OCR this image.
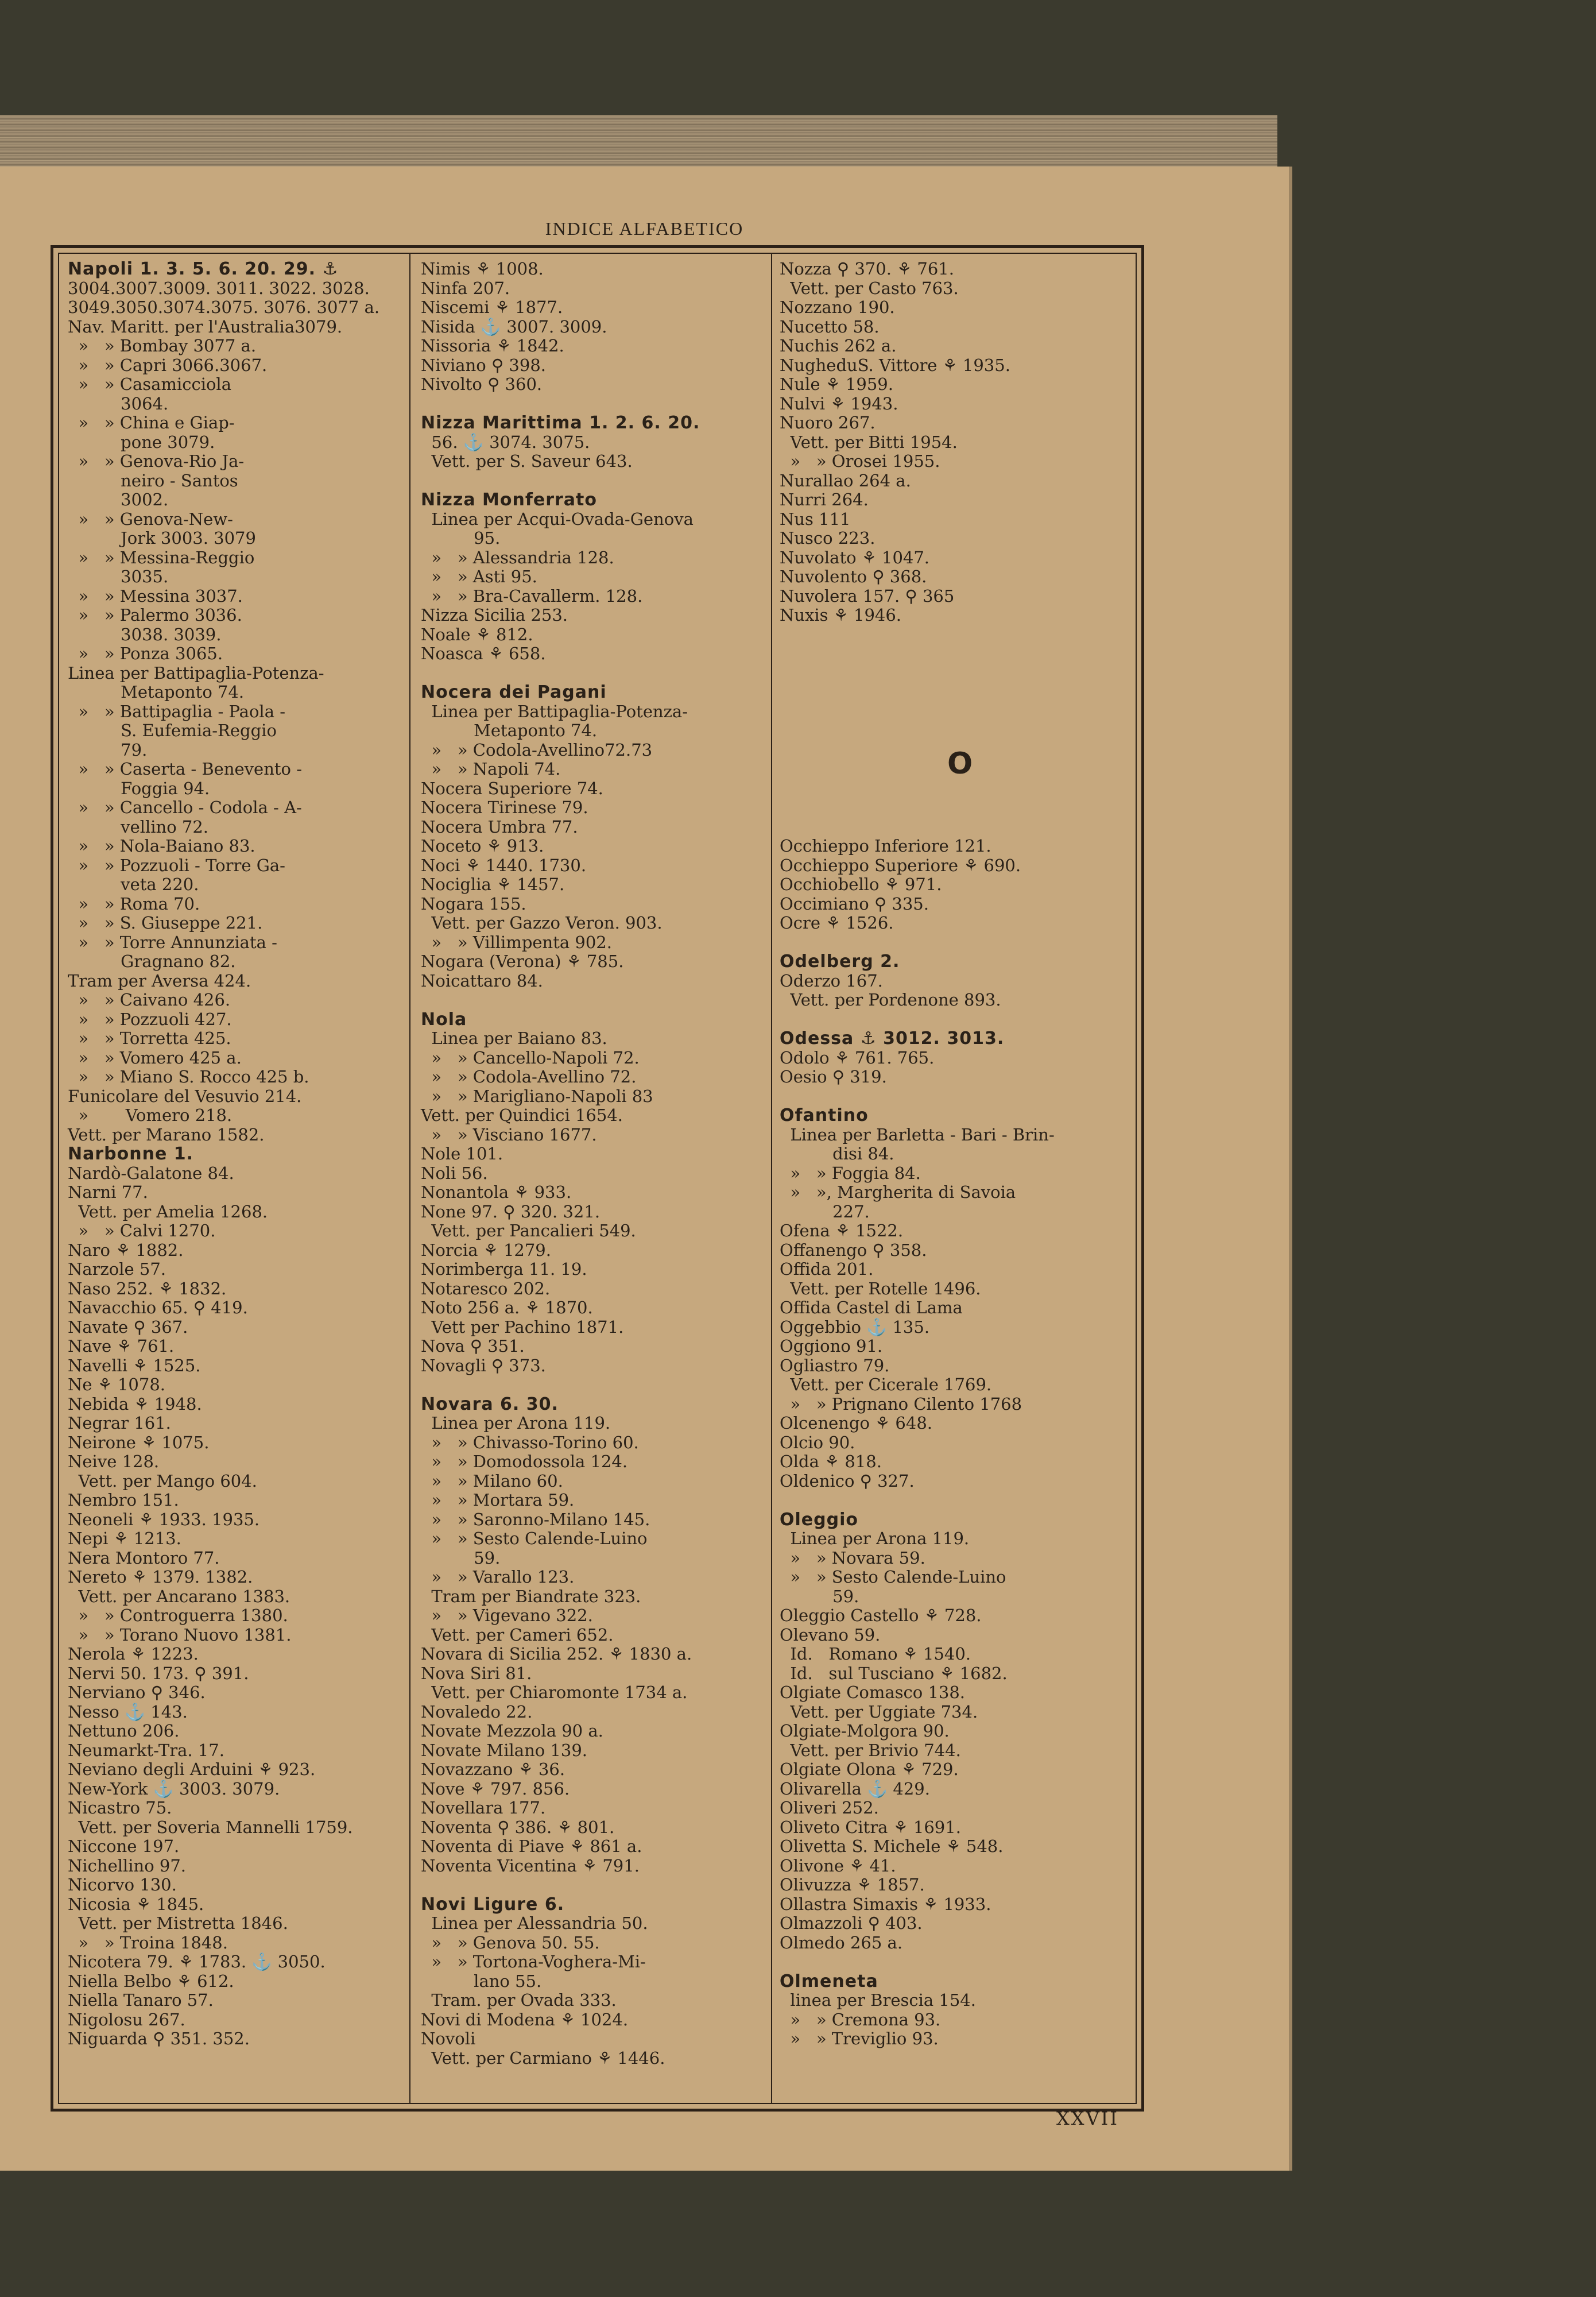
INDICE ALFABETICO
Napoli 1. 3. 5. 6. 20. 29. ⚓
3004.3007.3009. 3011. 3022. 3028.
3049.3050.3074.3075. 3076. 3077 a.
Nav. Maritt. per l'Australia3079.
»   » Bombay 3077 a.
»   » Capri 3066.3067.
»   » Casamicciola
3064.
»   » China e Giap-
pone 3079.
»   » Genova-Rio Ja-
neiro - Santos
3002.
»   » Genova-New-
Jork 3003. 3079
»   » Messina-Reggio
3035.
»   » Messina 3037.
»   » Palermo 3036.
3038. 3039.
»   » Ponza 3065.
Linea per Battipaglia-Potenza-
Metaponto 74.
»   » Battipaglia - Paola -
S. Eufemia-Reggio
79.
»   » Caserta - Benevento -
Foggia 94.
»   » Cancello - Codola - A-
vellino 72.
»   » Nola-Baiano 83.
»   » Pozzuoli - Torre Ga-
veta 220.
»   » Roma 70.
»   » S. Giuseppe 221.
»   » Torre Annunziata -
Gragnano 82.
Tram per Aversa 424.
»   » Caivano 426.
»   » Pozzuoli 427.
»   » Torretta 425.
»   » Vomero 425 a.
»   » Miano S. Rocco 425 b.
Funicolare del Vesuvio 214.
»       Vomero 218.
Vett. per Marano 1582.
Narbonne 1.
Nardò-Galatone 84.
Narni 77.
Vett. per Amelia 1268.
»   » Calvi 1270.
Naro ⚘ 1882.
Narzole 57.
Naso 252. ⚘ 1832.
Navacchio 65. ⚲ 419.
Navate ⚲ 367.
Nave ⚘ 761.
Navelli ⚘ 1525.
Ne ⚘ 1078.
Nebida ⚘ 1948.
Negrar 161.
Neirone ⚘ 1075.
Neive 128.
Vett. per Mango 604.
Nembro 151.
Neoneli ⚘ 1933. 1935.
Nepi ⚘ 1213.
Nera Montoro 77.
Nereto ⚘ 1379. 1382.
Vett. per Ancarano 1383.
»   » Controguerra 1380.
»   » Torano Nuovo 1381.
Nerola ⚘ 1223.
Nervi 50. 173. ⚲ 391.
Nerviano ⚲ 346.
Nesso ⚓ 143.
Nettuno 206.
Neumarkt-Tra. 17.
Neviano degli Arduini ⚘ 923.
New-York ⚓ 3003. 3079.
Nicastro 75.
Vett. per Soveria Mannelli 1759.
Niccone 197.
Nichellino 97.
Nicorvo 130.
Nicosia ⚘ 1845.
Vett. per Mistretta 1846.
»   » Troina 1848.
Nicotera 79. ⚘ 1783. ⚓ 3050.
Niella Belbo ⚘ 612.
Niella Tanaro 57.
Nigolosu 267.
Niguarda ⚲ 351. 352.
Nimis ⚘ 1008.
Ninfa 207.
Niscemi ⚘ 1877.
Nisida ⚓ 3007. 3009.
Nissoria ⚘ 1842.
Niviano ⚲ 398.
Nivolto ⚲ 360.

Nizza Marittima 1. 2. 6. 20.
56. ⚓ 3074. 3075.
Vett. per S. Saveur 643.

Nizza Monferrato
Linea per Acqui-Ovada-Genova
95.
»   » Alessandria 128.
»   » Asti 95.
»   » Bra-Cavallerm. 128.
Nizza Sicilia 253.
Noale ⚘ 812.
Noasca ⚘ 658.

Nocera dei Pagani
Linea per Battipaglia-Potenza-
Metaponto 74.
»   » Codola-Avellino72.73
»   » Napoli 74.
Nocera Superiore 74.
Nocera Tirinese 79.
Nocera Umbra 77.
Noceto ⚘ 913.
Noci ⚘ 1440. 1730.
Nociglia ⚘ 1457.
Nogara 155.
Vett. per Gazzo Veron. 903.
»   » Villimpenta 902.
Nogara (Verona) ⚘ 785.
Noicattaro 84.

Nola
Linea per Baiano 83.
»   » Cancello-Napoli 72.
»   » Codola-Avellino 72.
»   » Marigliano-Napoli 83
Vett. per Quindici 1654.
»   » Visciano 1677.
Nole 101.
Noli 56.
Nonantola ⚘ 933.
None 97. ⚲ 320. 321.
Vett. per Pancalieri 549.
Norcia ⚘ 1279.
Norimberga 11. 19.
Notaresco 202.
Noto 256 a. ⚘ 1870.
Vett per Pachino 1871.
Nova ⚲ 351.
Novagli ⚲ 373.

Novara 6. 30.
Linea per Arona 119.
»   » Chivasso-Torino 60.
»   » Domodossola 124.
»   » Milano 60.
»   » Mortara 59.
»   » Saronno-Milano 145.
»   » Sesto Calende-Luino
59.
»   » Varallo 123.
Tram per Biandrate 323.
»   » Vigevano 322.
Vett. per Cameri 652.
Novara di Sicilia 252. ⚘ 1830 a.
Nova Siri 81.
Vett. per Chiaromonte 1734 a.
Novaledo 22.
Novate Mezzola 90 a.
Novate Milano 139.
Novazzano ⚘ 36.
Nove ⚘ 797. 856.
Novellara 177.
Noventa ⚲ 386. ⚘ 801.
Noventa di Piave ⚘ 861 a.
Noventa Vicentina ⚘ 791.

Novi Ligure 6.
Linea per Alessandria 50.
»   » Genova 50. 55.
»   » Tortona-Voghera-Mi-
lano 55.
Tram. per Ovada 333.
Novi di Modena ⚘ 1024.
Novoli
Vett. per Carmiano ⚘ 1446.
Nozza ⚲ 370. ⚘ 761.
Vett. per Casto 763.
Nozzano 190.
Nucetto 58.
Nuchis 262 a.
NugheduS. Vittore ⚘ 1935.
Nule ⚘ 1959.
Nulvi ⚘ 1943.
Nuoro 267.
Vett. per Bitti 1954.
»   » Orosei 1955.
Nurallao 264 a.
Nurri 264.
Nus 111
Nusco 223.
Nuvolato ⚘ 1047.
Nuvolento ⚲ 368.
Nuvolera 157. ⚲ 365
Nuxis ⚘ 1946.

Occhieppo Inferiore 121.
Occhieppo Superiore ⚘ 690.
Occhiobello ⚘ 971.
Occimiano ⚲ 335.
Ocre ⚘ 1526.

Odelberg 2.
Oderzo 167.
Vett. per Pordenone 893.

Odessa ⚓ 3012. 3013.
Odolo ⚘ 761. 765.
Oesio ⚲ 319.

Ofantino
Linea per Barletta - Bari - Brin-
disi 84.
»   » Foggia 84.
»   », Margherita di Savoia
227.
Ofena ⚘ 1522.
Offanengo ⚲ 358.
Offida 201.
Vett. per Rotelle 1496.
Offida Castel di Lama
Oggebbio ⚓ 135.
Oggiono 91.
Ogliastro 79.
Vett. per Cicerale 1769.
»   » Prignano Cilento 1768
Olcenengo ⚘ 648.
Olcio 90.
Olda ⚘ 818.
Oldenico ⚲ 327.

Oleggio
Linea per Arona 119.
»   » Novara 59.
»   » Sesto Calende-Luino
59.
Oleggio Castello ⚘ 728.
Olevano 59.
Id.   Romano ⚘ 1540.
Id.   sul Tusciano ⚘ 1682.
Olgiate Comasco 138.
Vett. per Uggiate 734.
Olgiate-Molgora 90.
Vett. per Brivio 744.
Olgiate Olona ⚘ 729.
Olivarella ⚓ 429.
Oliveri 252.
Oliveto Citra ⚘ 1691.
Olivetta S. Michele ⚘ 548.
Olivone ⚘ 41.
Olivuzza ⚘ 1857.
Ollastra Simaxis ⚘ 1933.
Olmazzoli ⚲ 403.
Olmedo 265 a.

Olmeneta
linea per Brescia 154.
»   » Cremona 93.
»   » Treviglio 93.
O
XXVII
